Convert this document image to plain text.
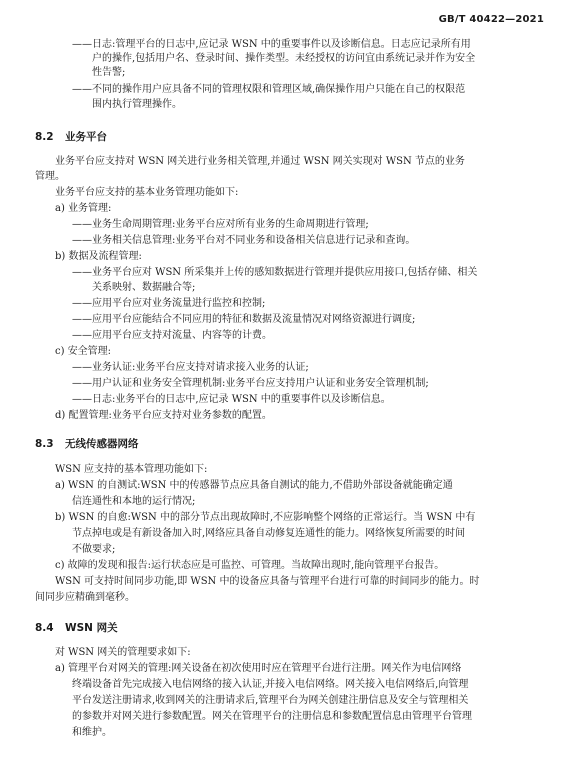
GB/T 40422—2021
——日志:管理平台的日志中,应记录 WSN 中的重要事件以及诊断信息。日志应记录所有用
户的操作,包括用户名、登录时间、操作类型。未经授权的访问宜由系统记录并作为安全
性告警;
——不同的操作用户应具备不同的管理权限和管理区域,确保操作用户只能在自己的权限范
围内执行管理操作。
8.2 业务平台
业务平台应支持对 WSN 网关进行业务相关管理,并通过 WSN 网关实现对 WSN 节点的业务
管理。
业务平台应支持的基本业务管理功能如下:
a) 业务管理:
——业务生命周期管理:业务平台应对所有业务的生命周期进行管理;
——业务相关信息管理:业务平台对不同业务和设备相关信息进行记录和查询。
b) 数据及流程管理:
——业务平台应对 WSN 所采集并上传的感知数据进行管理并提供应用接口,包括存储、相关
关系映射、数据融合等;
——应用平台应对业务流量进行监控和控制;
——应用平台应能结合不同应用的特征和数据及流量情况对网络资源进行调度;
——应用平台应支持对流量、内容等的计费。
c) 安全管理:
——业务认证:业务平台应支持对请求接入业务的认证;
——用户认证和业务安全管理机制:业务平台应支持用户认证和业务安全管理机制;
——日志:业务平台的日志中,应记录 WSN 中的重要事件以及诊断信息。
d) 配置管理:业务平台应支持对业务参数的配置。
8.3 无线传感器网络
WSN 应支持的基本管理功能如下:
a) WSN 的自测试:WSN 中的传感器节点应具备自测试的能力,不借助外部设备就能确定通
信连通性和本地的运行情况;
b) WSN 的自愈:WSN 中的部分节点出现故障时,不应影响整个网络的正常运行。当 WSN 中有
节点掉电或是有新设备加入时,网络应具备自动修复连通性的能力。网络恢复所需要的时间
不做要求;
c) 故障的发现和报告:运行状态应是可监控、可管理。当故障出现时,能向管理平台报告。
WSN 可支持时间同步功能,即 WSN 中的设备应具备与管理平台进行可靠的时间同步的能力。时
间同步应精确到毫秒。
8.4 WSN 网关
对 WSN 网关的管理要求如下:
a) 管理平台对网关的管理:网关设备在初次使用时应在管理平台进行注册。网关作为电信网络
终端设备首先完成接入电信网络的接入认证,并接入电信网络。网关接入电信网络后,向管理
平台发送注册请求,收到网关的注册请求后,管理平台为网关创建注册信息及安全与管理相关
的参数并对网关进行参数配置。网关在管理平台的注册信息和参数配置信息由管理平台管理
和维护。
